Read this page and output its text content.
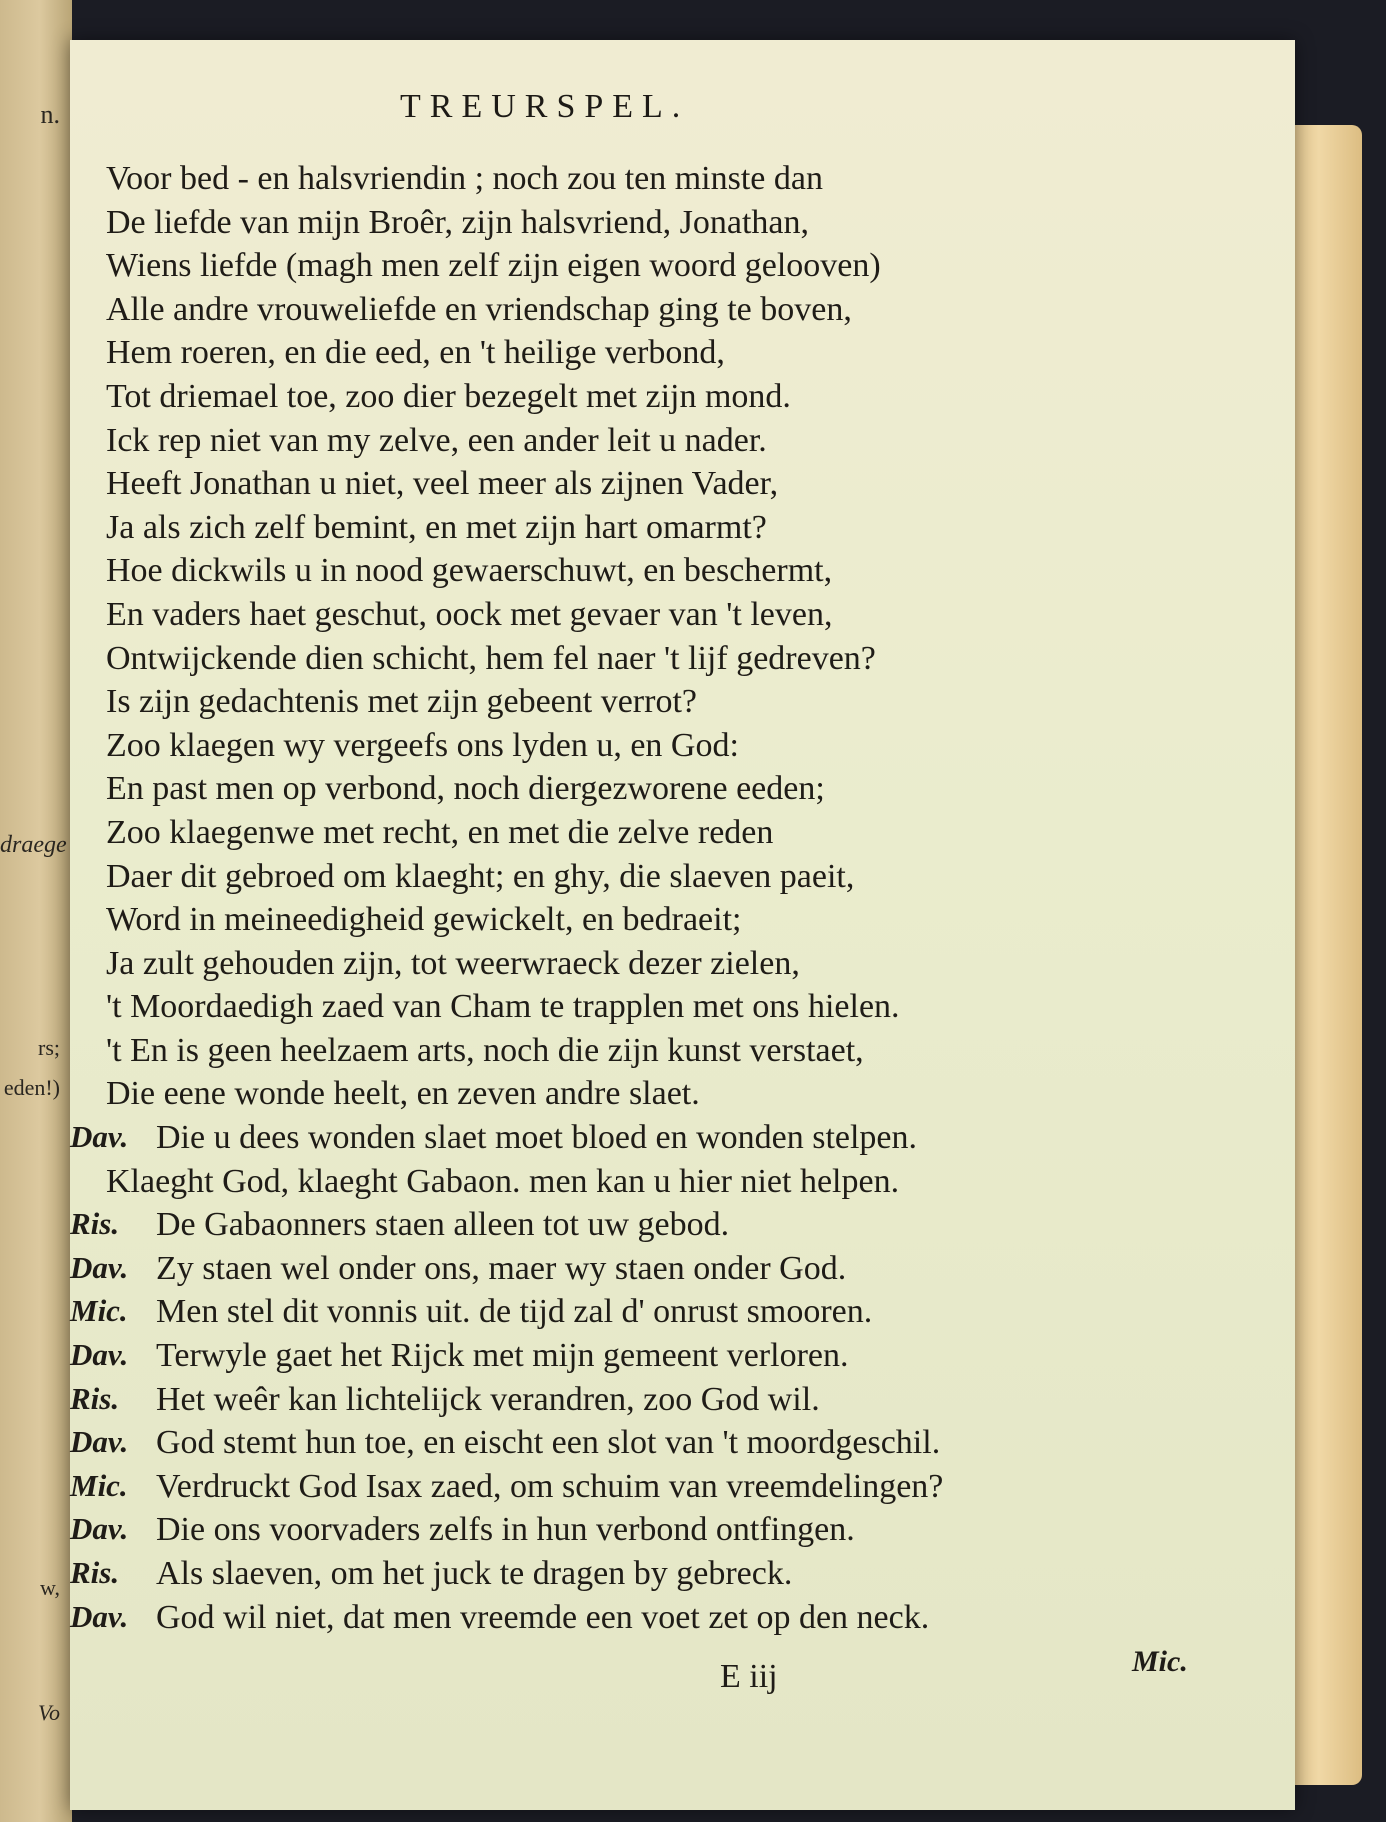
n.
draege
rs;
eden!)
w,
Vo
TREURSPEL.
Voor bed - en halsvriendin ; noch zou ten minste dan
De liefde van mijn Broêr, zijn halsvriend, Jonathan,
Wiens liefde (magh men zelf zijn eigen woord gelooven)
Alle andre vrouweliefde en vriendschap ging te boven,
Hem roeren, en die eed, en 't heilige verbond,
Tot driemael toe, zoo dier bezegelt met zijn mond.
Ick rep niet van my zelve, een ander leit u nader.
Heeft Jonathan u niet, veel meer als zijnen Vader,
Ja als zich zelf bemint, en met zijn hart omarmt?
Hoe dickwils u in nood gewaerschuwt, en beschermt,
En vaders haet geschut, oock met gevaer van 't leven,
Ontwijckende dien schicht, hem fel naer 't lijf gedreven?
Is zijn gedachtenis met zijn gebeent verrot?
Zoo klaegen wy vergeefs ons lyden u, en God:
En past men op verbond, noch diergezworene eeden;
Zoo klaegenwe met recht, en met die zelve reden
Daer dit gebroed om klaeght; en ghy, die slaeven paeit,
Word in meineedigheid gewickelt, en bedraeit;
Ja zult gehouden zijn, tot weerwraeck dezer zielen,
't Moordaedigh zaed van Cham te trapplen met ons hielen.
't En is geen heelzaem arts, noch die zijn kunst verstaet,
Die eene wonde heelt, en zeven andre slaet.
Dav. Die u dees wonden slaet moet bloed en wonden stelpen.
Klaeght God, klaeght Gabaon. men kan u hier niet helpen.
Ris.	De Gabaonners staen alleen tot uw gebod.
Dav. Zy staen wel onder ons, maer wy staen onder God.
Mic. Men stel dit vonnis uit. de tijd zal d' onrust smooren.
Dav. Terwyle gaet het Rijck met mijn gemeent verloren.
Ris.	Het weêr kan lichtelijck verandren, zoo God wil.
Dav. God stemt hun toe, en eischt een slot van 't moordgeschil.
Mic. Verdruckt God Isax zaed, om schuim van vreemdelingen?
Dav. Die ons voorvaders zelfs in hun verbond ontfingen.
Ris.	Als slaeven, om het juck te dragen by gebreck.
Dav. God wil niet, dat men vreemde een voet zet op den neck.
E iij	Mic.
